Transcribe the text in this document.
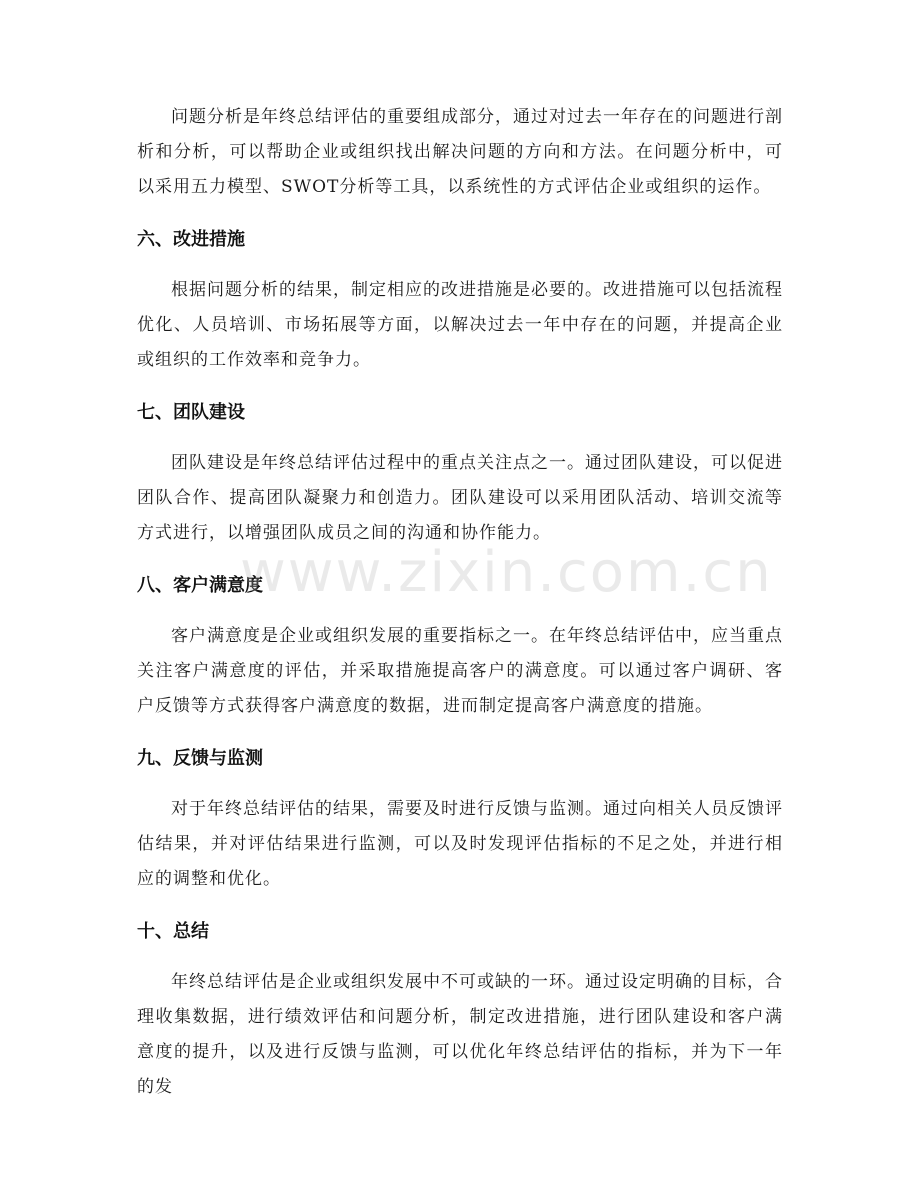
问题分析是年终总结评估的重要组成部分，通过对过去一年存在的问题进行剖析和分析，可以帮助企业或组织找出解决问题的方向和方法。在问题分析中，可以采用五力模型、SWOT分析等工具，以系统性的方式评估企业或组织的运作。

六、改进措施

根据问题分析的结果，制定相应的改进措施是必要的。改进措施可以包括流程优化、人员培训、市场拓展等方面，以解决过去一年中存在的问题，并提高企业或组织的工作效率和竞争力。

七、团队建设

团队建设是年终总结评估过程中的重点关注点之一。通过团队建设，可以促进团队合作、提高团队凝聚力和创造力。团队建设可以采用团队活动、培训交流等方式进行，以增强团队成员之间的沟通和协作能力。

八、客户满意度

客户满意度是企业或组织发展的重要指标之一。在年终总结评估中，应当重点关注客户满意度的评估，并采取措施提高客户的满意度。可以通过客户调研、客户反馈等方式获得客户满意度的数据，进而制定提高客户满意度的措施。

九、反馈与监测

对于年终总结评估的结果，需要及时进行反馈与监测。通过向相关人员反馈评估结果，并对评估结果进行监测，可以及时发现评估指标的不足之处，并进行相应的调整和优化。

十、总结

年终总结评估是企业或组织发展中不可或缺的一环。通过设定明确的目标，合理收集数据，进行绩效评估和问题分析，制定改进措施，进行团队建设和客户满意度的提升，以及进行反馈与监测，可以优化年终总结评估的指标，并为下一年的发

www.zixin.com.cn
